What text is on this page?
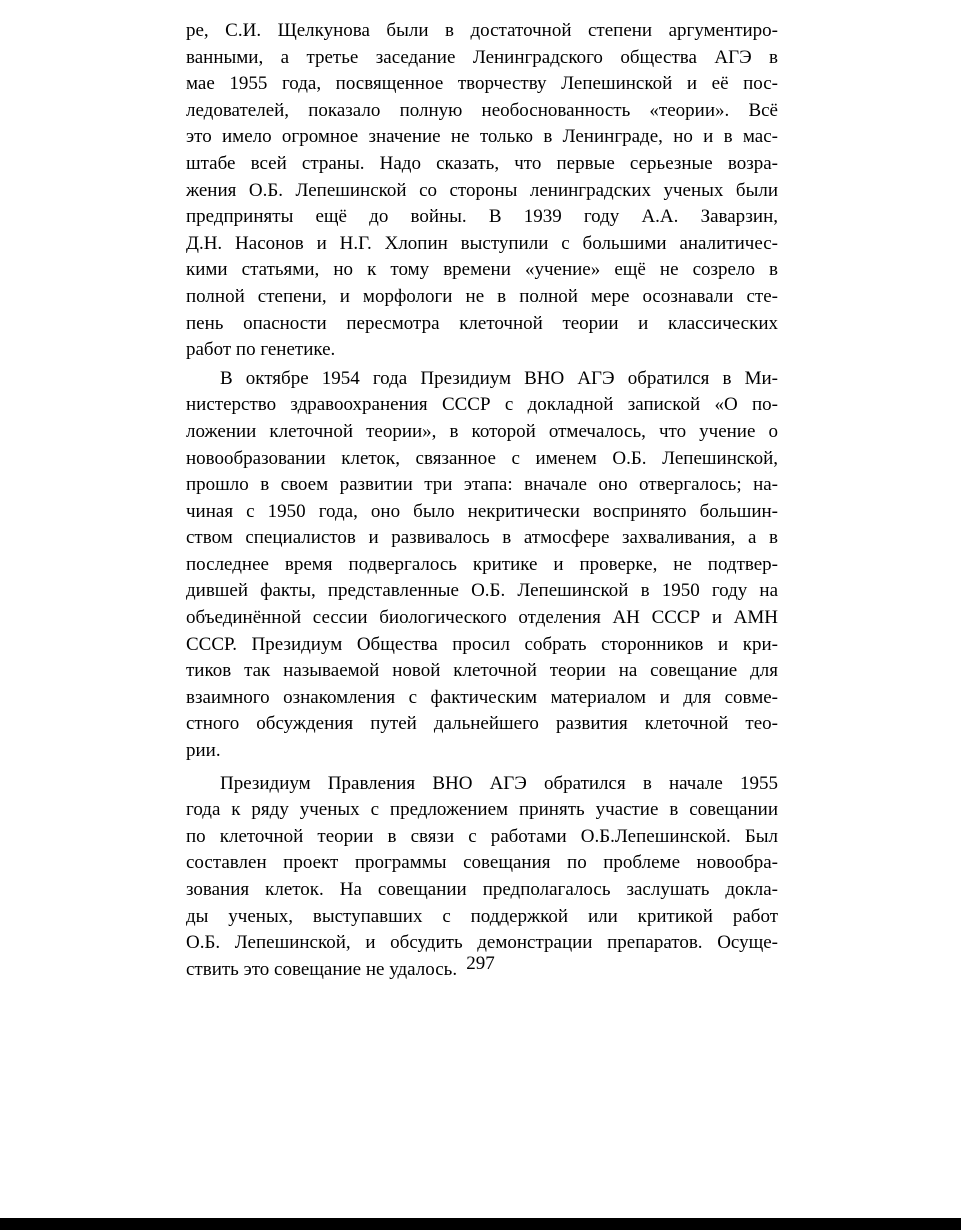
ре, С.И. Щелкунова были в достаточной степени аргументиро-
ванными, а третье заседание Ленинградского общества АГЭ в
мае 1955 года, посвященное творчеству Лепешинской и её пос-
ледователей, показало полную необоснованность «теории». Всё
это имело огромное значение не только в Ленинграде, но и в мас-
штабе всей страны. Надо сказать, что первые серьезные возра-
жения О.Б. Лепешинской со стороны ленинградских ученых были
предприняты ещё до войны. В 1939 году А.А. Заварзин,
Д.Н. Насонов и Н.Г. Хлопин выступили с большими аналитичес-
кими статьями, но к тому времени «учение» ещё не созрело в
полной степени, и морфологи не в полной мере осознавали сте-
пень опасности пересмотра клеточной теории и классических
работ по генетике.

В октябре 1954 года Президиум ВНО АГЭ обратился в Ми-
нистерство здравоохранения СССР с докладной запиской «О по-
ложении клеточной теории», в которой отмечалось, что учение о
новообразовании клеток, связанное с именем О.Б. Лепешинской,
прошло в своем развитии три этапа: вначале оно отвергалось; на-
чиная с 1950 года, оно было некритически воспринято большин-
ством специалистов и развивалось в атмосфере захваливания, а в
последнее время подвергалось критике и проверке, не подтвер-
дившей факты, представленные О.Б. Лепешинской в 1950 году на
объединённой сессии биологического отделения АН СССР и АМН
СССР. Президиум Общества просил собрать сторонников и кри-
тиков так называемой новой клеточной теории на совещание для
взаимного ознакомления с фактическим материалом и для совме-
стного обсуждения путей дальнейшего развития клеточной тео-
рии.

Президиум Правления ВНО АГЭ обратился в начале 1955
года к ряду ученых с предложением принять участие в совещании
по клеточной теории в связи с работами О.Б.Лепешинской. Был
составлен проект программы совещания по проблеме новообра-
зования клеток. На совещании предполагалось заслушать докла-
ды ученых, выступавших с поддержкой или критикой работ
О.Б. Лепешинской, и обсудить демонстрации препаратов. Осуще-
ствить это совещание не удалось. 297
